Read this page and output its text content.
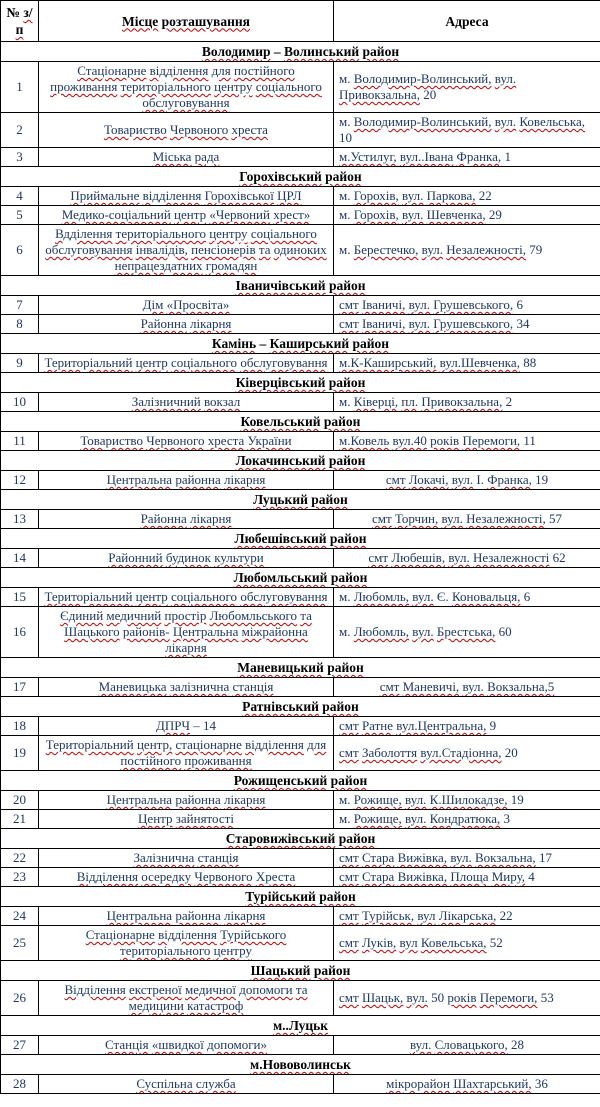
№ з/п	Місце розташування	Адреса
Володимир – Волинський район		
1	Стаціонарне відділення для постійного проживання територіального центру соціального обслуговування	м. Володимир-Волинський, вул. Привокзальна, 20
2	Товариство Червоного хреста	м. Володимир-Волинський, вул. Ковельська, 10
3	Міська рада	м.Устилуг, вул..Івана Франка, 1
Горохівський район		
4	Приймальне відділення Горохівської ЦРЛ	м. Горохів, вул. Паркова, 22
5	Медико-соціальний центр «Червоний хрест»	м. Горохів, вул. Шевченка, 29
6	Вдділення територіального центру соціального обслуговування інвалідів, пенсіонерів та одиноких непрацездатних громадян	м. Берестечко, вул. Незалежності, 79
Іваничівський район		
7	Дім «Просвіта»	смт Іваничі, вул. Грушевського, 6
8	Районна лікарня	смт Іваничі, вул. Грушевського, 34
Камінь – Каширський район		
9	Територіальний центр соціального обслуговування	м.К-Каширський, вул.Шевченка, 88
Ківерцівський район		
10	Залізничний вокзал	м. Ківерці, пл. Привокзальна, 2
Ковельський район		
11	Товариство Червоного хреста України	м.Ковель вул.40 років Перемоги, 11
Локачинський район		
12	Центральна районна лікарня	смт Локачі, вул. І. Франка, 19
Луцький район		
13	Районна лікарня	смт Торчин, вул. Незалежності, 57
Любешівський район		
14	Районний будинок культури	смт Любешів, вул. Незалежності 62
Любомльський район		
15	Територіальний центр соціального обслуговування	м. Любомль, вул. Є. Коновальця, 6
16	Єдиний медичний простір Любомльського та Шацького районів- Центральна міжрайонна лікарня	м. Любомль, вул. Брестська, 60
Маневицький район		
17	Маневицька залізнична станція	смт Маневичі, вул. Вокзальна,5
Ратнівський район		
18	ДПРЧ – 14	смт Ратне вул.Центральна, 9
19	Територіальний центр, стаціонарне відділення для постійного проживання	смт Заболоття вул.Стадіонна, 20
Рожищенський район		
20	Центральна районна лікарня	м. Рожище, вул. К.Шилокадзе, 19
21	Центр зайнятості	м. Рожище, вул. Кондратюка, 3
Старовижівський район		
22	Залізнична станція	смт Стара Вижівка, вул. Вокзальна, 17
23	Відділення осередку Червоного Хреста	смт Стара Вижівка, Площа Миру, 4
Турійський район		
24	Центральна районна лікарня	смт Турійськ, вул Лікарська, 22
25	Стаціонарне відділення Турійського територіального центру	смт Луків, вул Ковельська, 52
Шацький район		
26	Відділення екстреної медичної допомоги та медицини катастроф	смт Шацьк, вул. 50 років Перемоги, 53
м..Луцьк		
27	Станція «швидкої допомоги»	вул. Словацького, 28
м.Нововолинськ		
28	Суспільна служба	мікрорайон Шахтарський, 36
